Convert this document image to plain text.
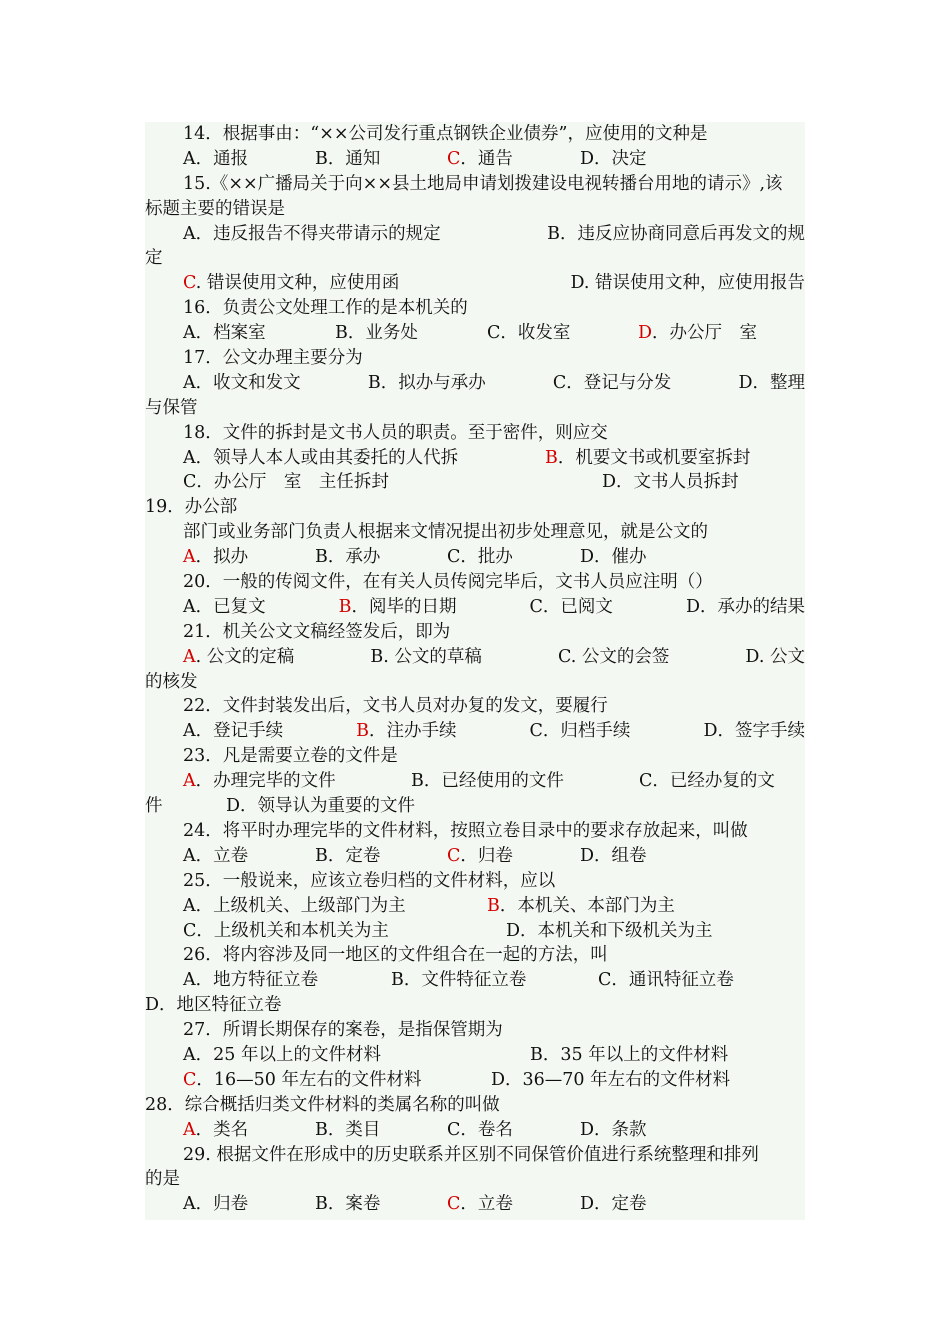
14．根据事由：“××公司发行重点钢铁企业债券”，应使用的文种是
A．通报	B．通知	C．通告	D．决定
15.《××广播局关于向××县土地局申请划拨建设电视转播台用地的请示》,该
标题主要的错误是
A．违反报告不得夹带请示的规定	B．违反应协商同意后再发文的规
定
C. 错误使用文种，应使用函	D. 错误使用文种，应使用报告
16．负责公文处理工作的是本机关的
A．档案室	B．业务处	C．收发室	D．办公厅　室
17．公文办理主要分为
A．收文和发文	B．拟办与承办	C．登记与分发	D．整理
与保管
18．文件的拆封是文书人员的职责。至于密件，则应交
A．领导人本人或由其委托的人代拆	B．机要文书或机要室拆封
C．办公厅　室　主任拆封	D．文书人员拆封
19．办公部
部门或业务部门负责人根据来文情况提出初步处理意见，就是公文的
A．拟办	B．承办	C．批办	D．催办
20．一般的传阅文件，在有关人员传阅完毕后，文书人员应注明（）
A．已复文	B．阅毕的日期	C．已阅文	D．承办的结果
21．机关公文文稿经签发后，即为
A. 公文的定稿	B. 公文的草稿	C. 公文的会签	D. 公文
的核发
22．文件封装发出后，文书人员对办复的发文，要履行
A．登记手续	B．注办手续	C．归档手续	D．签字手续
23．凡是需要立卷的文件是
A．办理完毕的文件	B．已经使用的文件	C．已经办复的文
件	D．领导认为重要的文件
24．将平时办理完毕的文件材料，按照立卷目录中的要求存放起来，叫做
A．立卷	B．定卷	C．归卷	D．组卷
25．一般说来，应该立卷归档的文件材料，应以
A．上级机关、上级部门为主	B．本机关、本部门为主
C．上级机关和本机关为主	D．本机关和下级机关为主
26．将内容涉及同一地区的文件组合在一起的方法，叫
A．地方特征立卷	B．文件特征立卷	C．通讯特征立卷
D．地区特征立卷
27．所谓长期保存的案卷，是指保管期为
A．25 年以上的文件材料	B．35 年以上的文件材料
C．16—50 年左右的文件材料	D．36—70 年左右的文件材料
28．综合概括归类文件材料的类属名称的叫做
A．类名	B．类目	C．卷名	D．条款
29. 根据文件在形成中的历史联系并区别不同保管价值进行系统整理和排列
的是
A．归卷	B．案卷	C．立卷	D．定卷
